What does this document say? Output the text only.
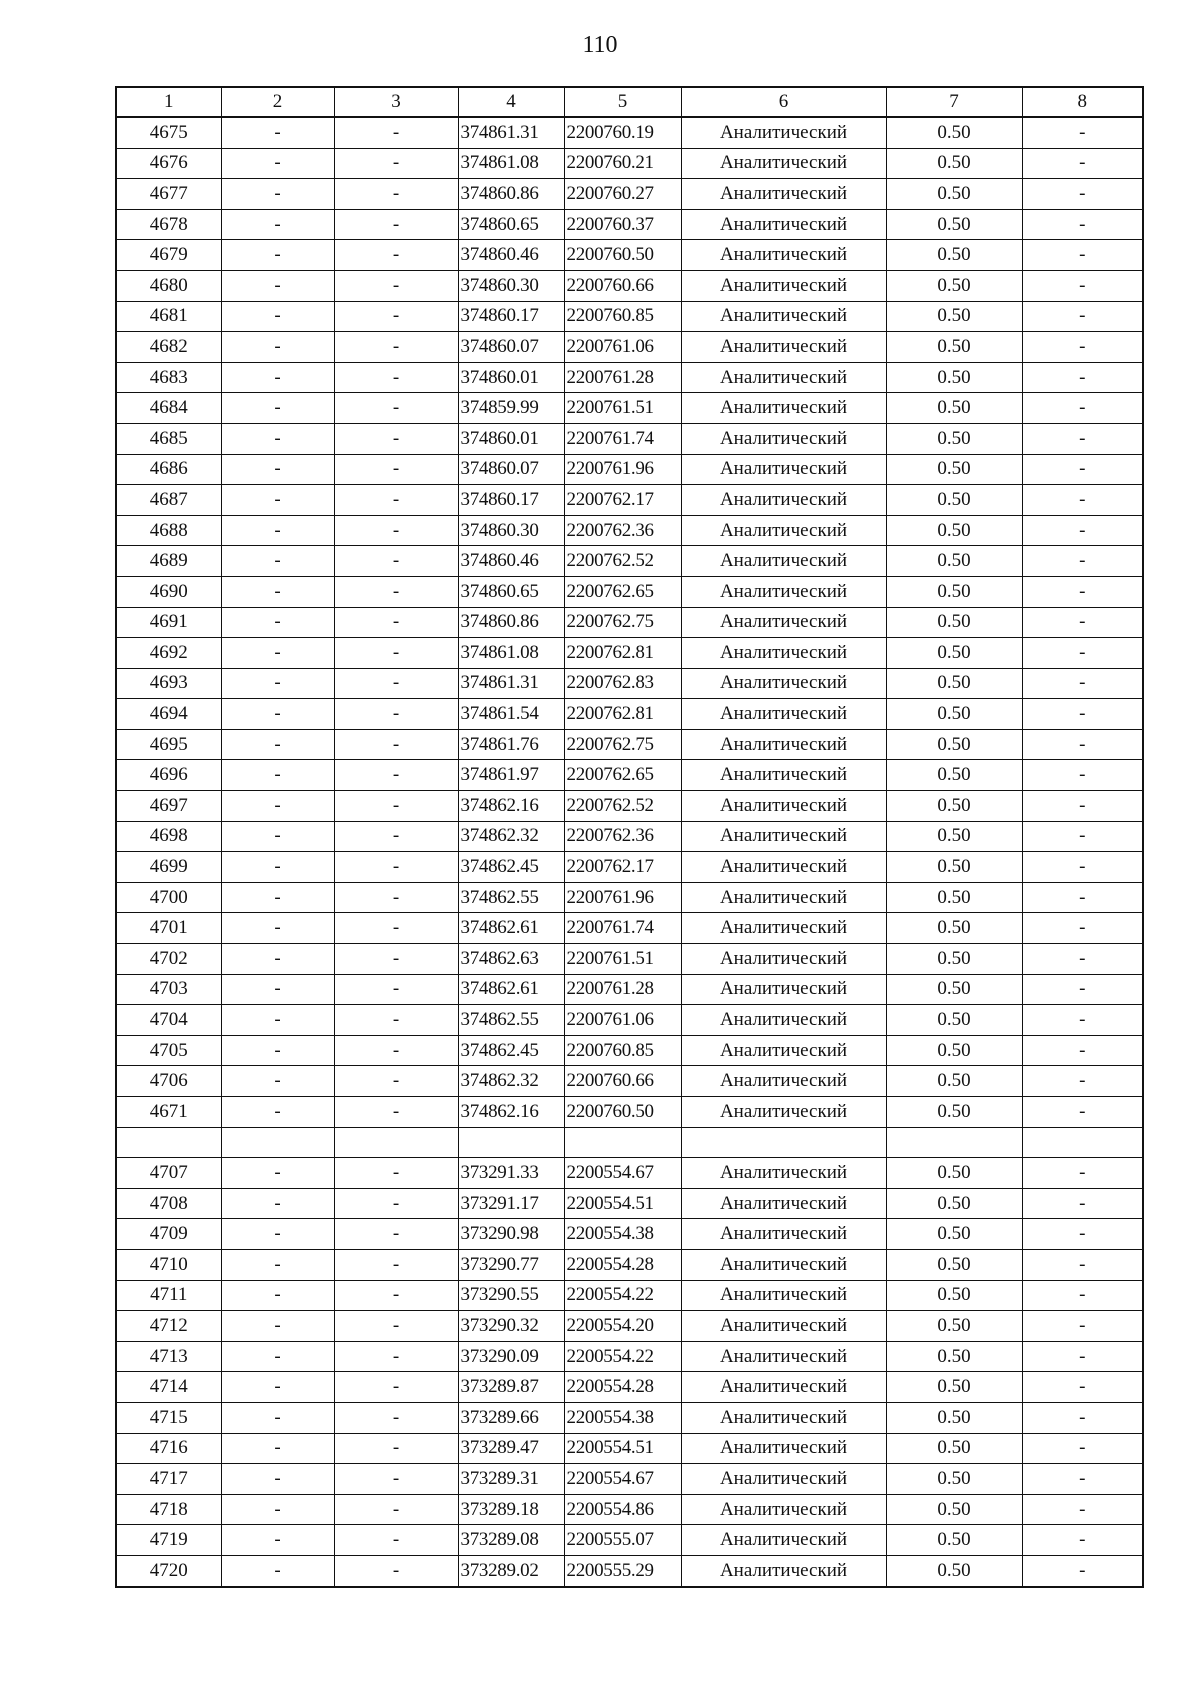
110
1	2	3	4	5	6	7	8
4675	-	-	374861.31	2200760.19	Аналитический	0.50	-
4676	-	-	374861.08	2200760.21	Аналитический	0.50	-
4677	-	-	374860.86	2200760.27	Аналитический	0.50	-
4678	-	-	374860.65	2200760.37	Аналитический	0.50	-
4679	-	-	374860.46	2200760.50	Аналитический	0.50	-
4680	-	-	374860.30	2200760.66	Аналитический	0.50	-
4681	-	-	374860.17	2200760.85	Аналитический	0.50	-
4682	-	-	374860.07	2200761.06	Аналитический	0.50	-
4683	-	-	374860.01	2200761.28	Аналитический	0.50	-
4684	-	-	374859.99	2200761.51	Аналитический	0.50	-
4685	-	-	374860.01	2200761.74	Аналитический	0.50	-
4686	-	-	374860.07	2200761.96	Аналитический	0.50	-
4687	-	-	374860.17	2200762.17	Аналитический	0.50	-
4688	-	-	374860.30	2200762.36	Аналитический	0.50	-
4689	-	-	374860.46	2200762.52	Аналитический	0.50	-
4690	-	-	374860.65	2200762.65	Аналитический	0.50	-
4691	-	-	374860.86	2200762.75	Аналитический	0.50	-
4692	-	-	374861.08	2200762.81	Аналитический	0.50	-
4693	-	-	374861.31	2200762.83	Аналитический	0.50	-
4694	-	-	374861.54	2200762.81	Аналитический	0.50	-
4695	-	-	374861.76	2200762.75	Аналитический	0.50	-
4696	-	-	374861.97	2200762.65	Аналитический	0.50	-
4697	-	-	374862.16	2200762.52	Аналитический	0.50	-
4698	-	-	374862.32	2200762.36	Аналитический	0.50	-
4699	-	-	374862.45	2200762.17	Аналитический	0.50	-
4700	-	-	374862.55	2200761.96	Аналитический	0.50	-
4701	-	-	374862.61	2200761.74	Аналитический	0.50	-
4702	-	-	374862.63	2200761.51	Аналитический	0.50	-
4703	-	-	374862.61	2200761.28	Аналитический	0.50	-
4704	-	-	374862.55	2200761.06	Аналитический	0.50	-
4705	-	-	374862.45	2200760.85	Аналитический	0.50	-
4706	-	-	374862.32	2200760.66	Аналитический	0.50	-
4671	-	-	374862.16	2200760.50	Аналитический	0.50	-

4707	-	-	373291.33	2200554.67	Аналитический	0.50	-
4708	-	-	373291.17	2200554.51	Аналитический	0.50	-
4709	-	-	373290.98	2200554.38	Аналитический	0.50	-
4710	-	-	373290.77	2200554.28	Аналитический	0.50	-
4711	-	-	373290.55	2200554.22	Аналитический	0.50	-
4712	-	-	373290.32	2200554.20	Аналитический	0.50	-
4713	-	-	373290.09	2200554.22	Аналитический	0.50	-
4714	-	-	373289.87	2200554.28	Аналитический	0.50	-
4715	-	-	373289.66	2200554.38	Аналитический	0.50	-
4716	-	-	373289.47	2200554.51	Аналитический	0.50	-
4717	-	-	373289.31	2200554.67	Аналитический	0.50	-
4718	-	-	373289.18	2200554.86	Аналитический	0.50	-
4719	-	-	373289.08	2200555.07	Аналитический	0.50	-
4720	-	-	373289.02	2200555.29	Аналитический	0.50	-
